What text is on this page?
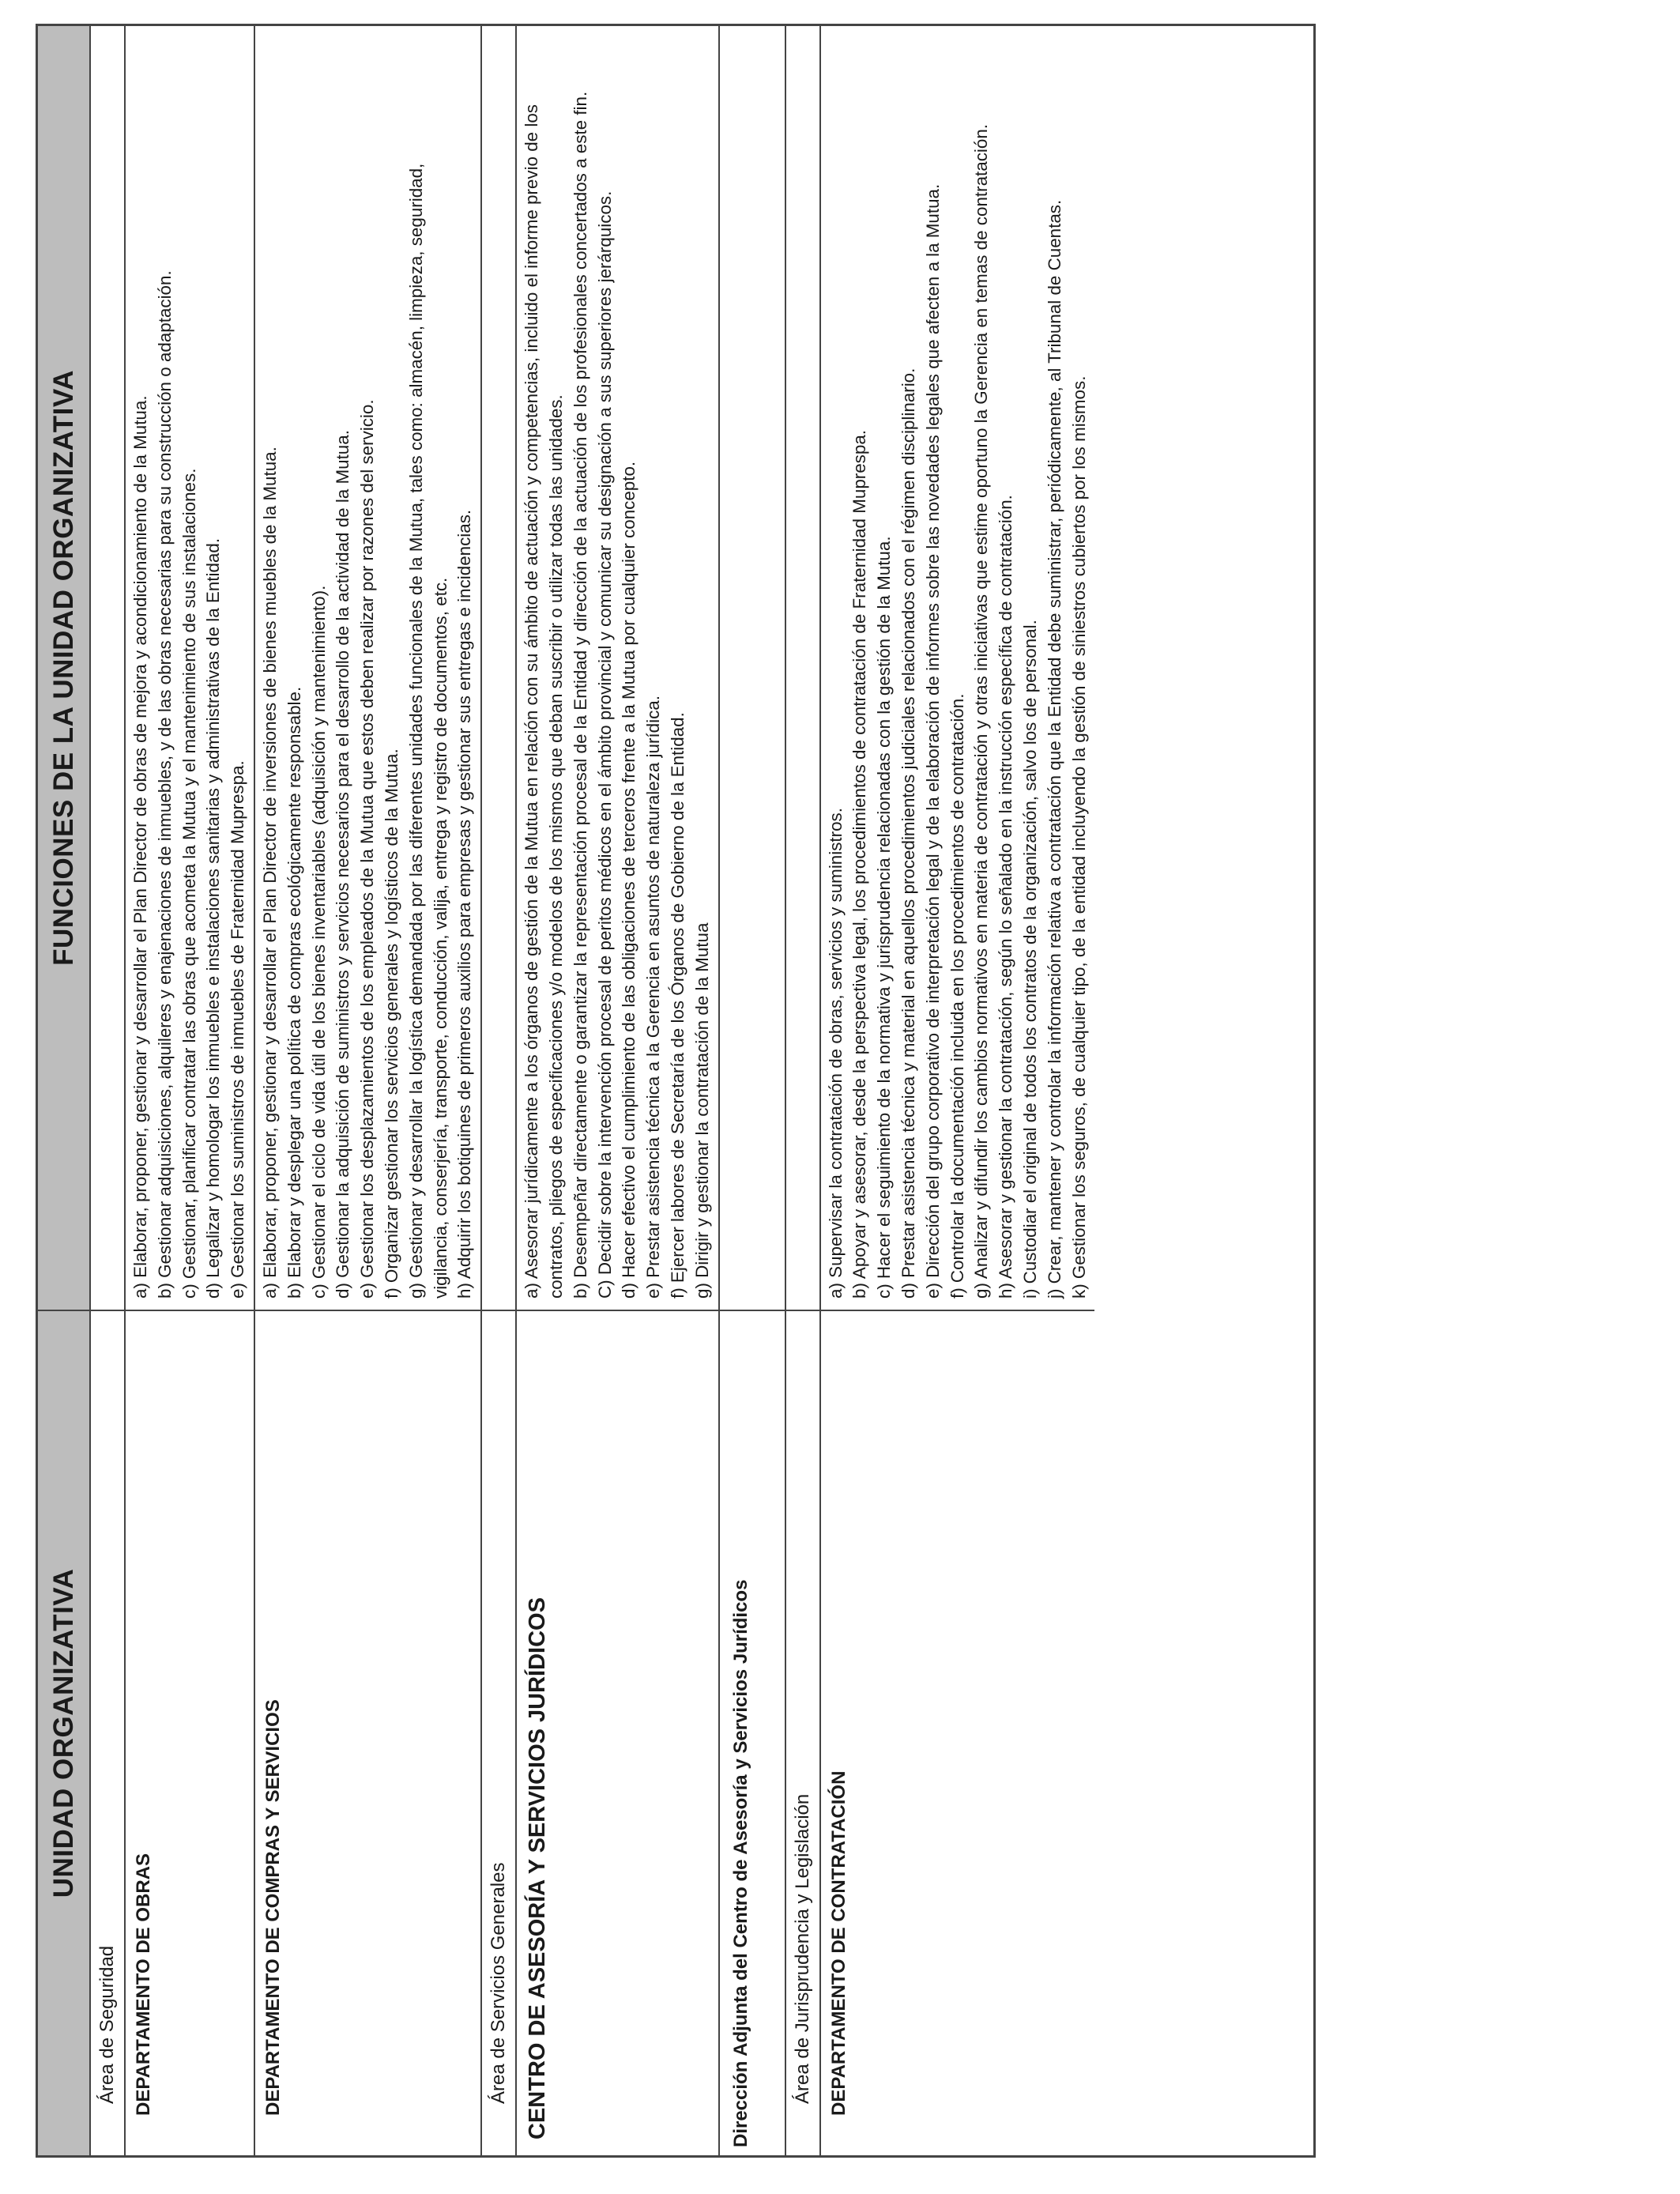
UNIDAD ORGANIZATIVA
FUNCIONES DE LA UNIDAD ORGANIZATIVA
Área de Seguridad DEPARTAMENTO DE OBRAS
a) Elaborar, proponer, gestionar y desarrollar el Plan Director de obras de mejora y acondicionamiento de la Mutua. b) Gestionar adquisiciones, alquileres y enajenaciones de inmuebles, y de las obras necesarias para su construcción o adaptación. c) Gestionar, planificar contratar las obras que acometa la Mutua y el mantenimiento de sus instalaciones. d) Legalizar y homologar los inmuebles e instalaciones sanitarias y administrativas de la Entidad. e) Gestionar los suministros de inmuebles de Fraternidad Muprespa.
DEPARTAMENTO DE COMPRAS Y SERVICIOS
a) Elaborar, proponer, gestionar y desarrollar el Plan Director de inversiones de bienes muebles de la Mutua. b) Elaborar y desplegar una política de compras ecológicamente responsable. c) Gestionar el ciclo de vida útil de los bienes inventariables (adquisición y mantenimiento). d) Gestionar la adquisición de suministros y servicios necesarios para el desarrollo de la actividad de la Mutua. e) Gestionar los desplazamientos de los empleados de la Mutua que estos deben realizar por razones del servicio. f) Organizar gestionar los servicios generales y logísticos de la Mutua. g) Gestionar y desarrollar la logística demandada por las diferentes unidades funcionales de la Mutua, tales como: almacén, limpieza, seguridad, vigilancia, conserjería, transporte, conducción, valija, entrega y registro de documentos, etc. h) Adquirir los botiquines de primeros auxilios para empresas y gestionar sus entregas e incidencias.
Área de Servicios Generales CENTRO DE ASESORÍA Y SERVICIOS JURÍDICOS
a) Asesorar jurídicamente a los órganos de gestión de la Mutua en relación con su ámbito de actuación y competencias, incluido el informe previo de los contratos, pliegos de especificaciones y/o modelos de los mismos que deban suscribir o utilizar todas las unidades. b) Desempeñar directamente o garantizar la representación procesal de la Entidad y dirección de la actuación de los profesionales concertados a este fin. C) Decidir sobre la intervención procesal de peritos médicos en el ámbito provincial y comunicar su designación a sus superiores jerárquicos. d) Hacer efectivo el cumplimiento de las obligaciones de terceros frente a la Mutua por cualquier concepto. e) Prestar asistencia técnica a la Gerencia en asuntos de naturaleza jurídica. f) Ejercer labores de Secretaría de los Órganos de Gobierno de la Entidad. g) Dirigir y gestionar la contratación de la Mutua
Dirección Adjunta del Centro de Asesoría y Servicios Jurídicos	Área de Jurisprudencia y Legislación DEPARTAMENTO DE CONTRATACIÓN
a) Supervisar la contratación de obras, servicios y suministros. b) Apoyar y asesorar, desde la perspectiva legal, los procedimientos de contratación de Fraternidad Muprespa. c) Hacer el seguimiento de la normativa y jurisprudencia relacionadas con la gestión de la Mutua. d) Prestar asistencia técnica y material en aquellos procedimientos judiciales relacionados con el régimen disciplinario. e) Dirección del grupo corporativo de interpretación legal y de la elaboración de informes sobre las novedades legales que afecten a la Mutua. f) Controlar la documentación incluida en los procedimientos de contratación. g) Analizar y difundir los cambios normativos en materia de contratación y otras iniciativas que estime oportuno la Gerencia en temas de contratación. h) Asesorar y gestionar la contratación, según lo señalado en la instrucción específica de contratación. i) Custodiar el original de todos los contratos de la organización, salvo los de personal. j) Crear, mantener y controlar la información relativa a contratación que la Entidad debe suministrar, periódicamente, al Tribunal de Cuentas. k) Gestionar los seguros, de cualquier tipo, de la entidad incluyendo la gestión de siniestros cubiertos por los mismos.
